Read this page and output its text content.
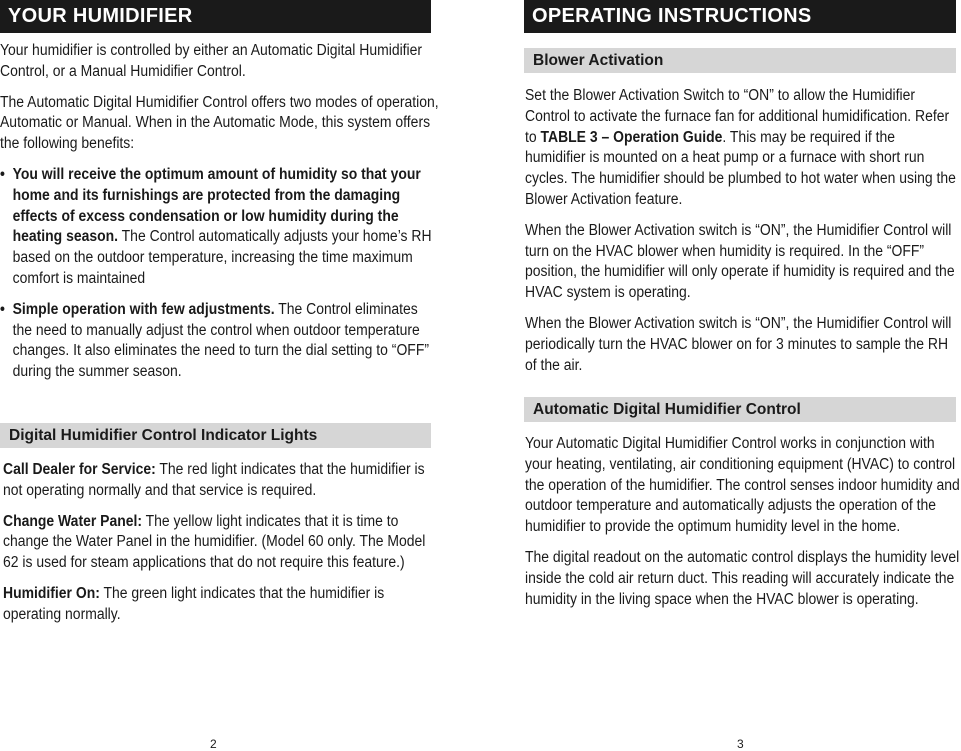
YOUR HUMIDIFIER

Your humidifier is controlled by either an Automatic Digital Humidifier Control, or a Manual Humidifier Control.

The Automatic Digital Humidifier Control offers two modes of operation, Automatic or Manual. When in the Automatic Mode, this system offers the following benefits:

• You will receive the optimum amount of humidity so that your home and its furnishings are protected from the damaging effects of excess condensation or low humidity during the heating season. The Control automatically adjusts your home’s RH based on the outdoor temperature, increasing the time maximum comfort is maintained
• Simple operation with few adjustments. The Control eliminates the need to manually adjust the control when outdoor temperature changes. It also eliminates the need to turn the dial setting to “OFF” during the summer season.
Digital Humidifier Control Indicator Lights

Call Dealer for Service: The red light indicates that the humidifier is not operating normally and that service is required.

Change Water Panel: The yellow light indicates that it is time to change the Water Panel in the humidifier. (Model 60 only. The Model 62 is used for steam applications that do not require this feature.)

Humidifier On: The green light indicates that the humidifier is operating normally.

2
OPERATING INSTRUCTIONS
Blower Activation

Set the Blower Activation Switch to “ON” to allow the Humidifier Control to activate the furnace fan for additional humidification. Refer to TABLE 3 – Operation Guide. This may be required if the humidifier is mounted on a heat pump or a furnace with short run cycles. The humidifier should be plumbed to hot water when using the Blower Activation feature.

When the Blower Activation switch is “ON”, the Humidifier Control will turn on the HVAC blower when humidity is required. In the “OFF” position, the humidifier will only operate if humidity is required and the HVAC system is operating.

When the Blower Activation switch is “ON”, the Humidifier Control will periodically turn the HVAC blower on for 3 minutes to sample the RH of the air.

Automatic Digital Humidifier Control

Your Automatic Digital Humidifier Control works in conjunction with your heating, ventilating, air conditioning equipment (HVAC) to control the operation of the humidifier. The control senses indoor humidity and outdoor temperature and automatically adjusts the operation of the humidifier to provide the optimum humidity level in the home.

The digital readout on the automatic control displays the humidity level inside the cold air return duct. This reading will accurately indicate the humidity in the living space when the HVAC blower is operating.

3
